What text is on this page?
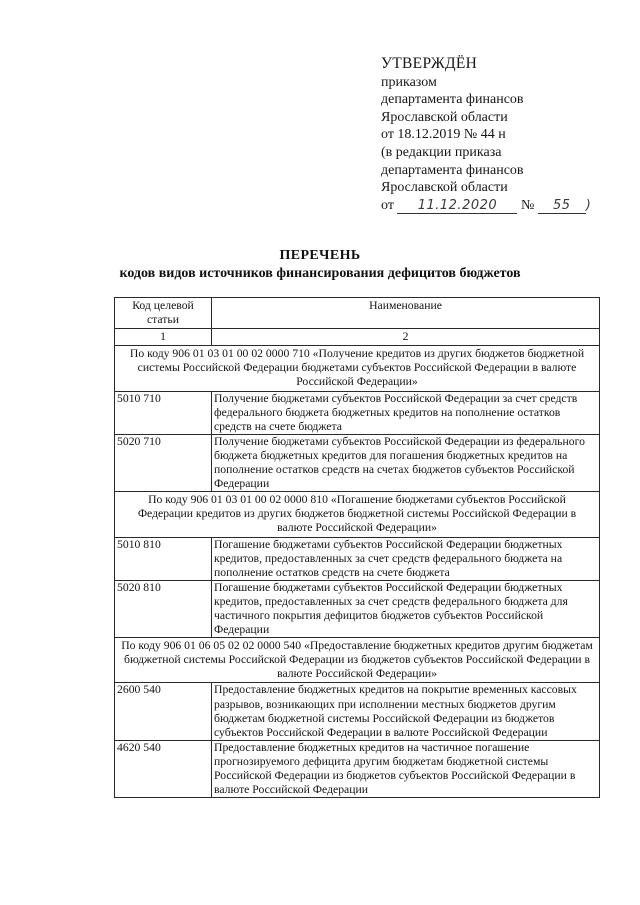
УТВЕРЖДЁН
приказом
департамента финансов
Ярославской области
от 18.12.2019 № 44 н
(в редакции приказа
департамента финансов
Ярославской области
от 11.12.2020 № 55 )
ПЕРЕЧЕНЬ
кодов видов источников финансирования дефицитов бюджетов
Код целевой статьи	Наименование
1	2
По коду 906 01 03 01 00 02 0000 710 «Получение кредитов из других бюджетов бюджетной системы Российской Федерации бюджетами субъектов Российской Федерации в валюте Российской Федерации»	
5010 710	Получение бюджетами субъектов Российской Федерации за счет средств федерального бюджета бюджетных кредитов на пополнение остатков средств на счете бюджета
5020 710	Получение бюджетами субъектов Российской Федерации из федерального бюджета бюджетных кредитов для погашения бюджетных кредитов на пополнение остатков средств на счетах бюджетов субъектов Российской Федерации
По коду 906 01 03 01 00 02 0000 810 «Погашение бюджетами субъектов Российской Федерации кредитов из других бюджетов бюджетной системы Российской Федерации в валюте Российской Федерации»	
5010 810	Погашение бюджетами субъектов Российской Федерации бюджетных кредитов, предоставленных за счет средств федерального бюджета на пополнение остатков средств на счете бюджета
5020 810	Погашение бюджетами субъектов Российской Федерации бюджетных кредитов, предоставленных за счет средств федерального бюджета для частичного покрытия дефицитов бюджетов субъектов Российской Федерации
По коду 906 01 06 05 02 02 0000 540 «Предоставление бюджетных кредитов другим бюджетам бюджетной системы Российской Федерации из бюджетов субъектов Российской Федерации в валюте Российской Федерации»	
2600 540	Предоставление бюджетных кредитов на покрытие временных кассовых разрывов, возникающих при исполнении местных бюджетов другим бюджетам бюджетной системы Российской Федерации из бюджетов субъектов Российской Федерации в валюте Российской Федерации
4620 540	Предоставление бюджетных кредитов на частичное погашение прогнозируемого дефицита другим бюджетам бюджетной системы Российской Федерации из бюджетов субъектов Российской Федерации в валюте Российской Федерации
